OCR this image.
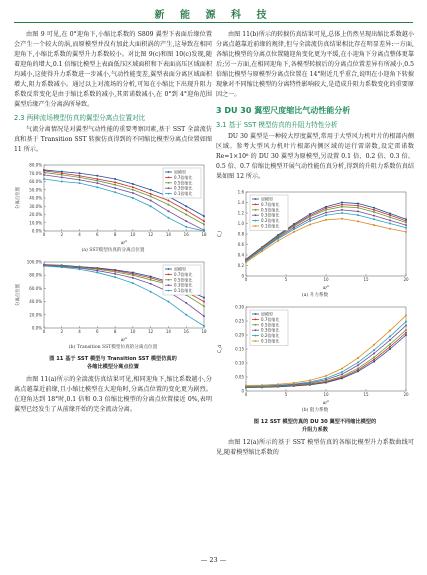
新 能 源 科 技

由图 9 可见,在 0°迎角下,小缩比系数的 S809 翼型下表面后缘位置会产生一个较大的涡,而原模型并没有加此大面积涡的产生,这导致在相同迎角下,小缩比系数的翼型升力系数较小。对比图 9(c)和图 10(c)发现,随着迎角的增大,0.1 倍缩比模型上表面低压区域面积和下表面高压区域面积均减小,这使得升力系数进一步减小,气动性能变差,翼型表面分离区域面积增大,阻力系数减小。通过以上对流场的分析,可知在小缩比下出现升阻力系数反常变化是由于缩比系数的减小,其雷诺数减小,在 0°到 4°迎角范围翼型后缘产生分离涡所导致。

2.3 两种流场模型仿真的翼型分离点位置对比

气流分离情况是对翼型气动性能的重要考察因素,基于 SST 全湍流仿真和基于 Transition SST 转捩仿真得到的不同缩比模型分离点位置如图 11 所示。

0.0%
10.0%
20.0%
30.0%
40.0%
50.0%
60.0%
70.0%
80.0%
0	2	4	6	8	10	12	14	16	18
α/°
分离点位置
原模型
0.7倍缩比
0.5倍缩比
0.3倍缩比
0.1倍缩比
(a) SST模型仿真的分离点位置
0.0%
20.0%
40.0%
60.0%
80.0%
100.0%
0	2	4	6	8	10	12	14	16	18
α/°
分离点位置
原模型
0.7倍缩比
0.5倍缩比
0.3倍缩比
0.1倍缩比
(b) Transition SST模型仿真的分离点位置
图 11 基于 SST 模型与 Transition SST 模型仿真的
各缩比模型分离点位置

由图 11(a)所示的全湍流仿真结果可见,相同迎角下,缩比系数越小,分离点越靠近前缘,且小缩比模型在大迎角时,分离点位置的变化更为剧烈。在迎角达到 18°时,0.1 倍和 0.3 倍缩比模型的分离点位置接近 0%,表明翼型已经发生了从前缘开始的完全流动分离。

由图 11(b)所示的转捩仿真结果可见,总体上仍然呈现出缩比系数越小分离点越靠近前缘的规律,但与全湍流仿真结果相比存在明显差异:一方面,各缩比模型的分离点位置随迎角变化更为平缓,在小迎角下分离点整体更靠后;另一方面,在相同迎角下,各模型转捩后的分离点位置差异有所减小,0.5 倍缩比模型与原模型分离点位置在 14°附近几乎重合,说明在小迎角下转捩现象对不同缩比模型的分离特性影响较大,是造成升阻力系数变化的重要原因之一。

3 DU 30 翼型尺度缩比气动性能分析
3.1 基于 SST 模型仿真的升阻力特性分析

DU 30 翼型是一种较大厚度翼型,常用于大型风力机叶片的根部内侧区域。参考大型风力机叶片根部内侧区域的运行雷诺数,设定雷诺数 Re=1×10⁶ 的 DU 30 翼型为原模型,另设置 0.1 倍、0.2 倍、0.3 倍、0.5 倍、0.7 倍缩比模型开展气动性能仿真分析,得到的升阻力系数仿真结果如图 12 所示。

0
0.2
0.4
0.6
0.8
1.0
1.2
1.4
1.6
0	5	10	15	20
α/°
C_l
原模型
0.7倍缩比
0.5倍缩比
0.3倍缩比
0.2倍缩比
0.1倍缩比
(a) 升力系数
0
0.05
0.10
0.15
0.20
0.25
0.30
0	5	10	15	20
α/°
C_d
原模型
0.7倍缩比
0.5倍缩比
0.3倍缩比
0.2倍缩比
0.1倍缩比
(b) 阻力系数
图 12 SST 模型仿真的 DU 30 翼型不同缩比模型的
升阻力系数

由图 12(a)所示的基于 SST 模型仿真的各缩比模型升力系数曲线可见,随着模型缩比系数的

— 23 —
